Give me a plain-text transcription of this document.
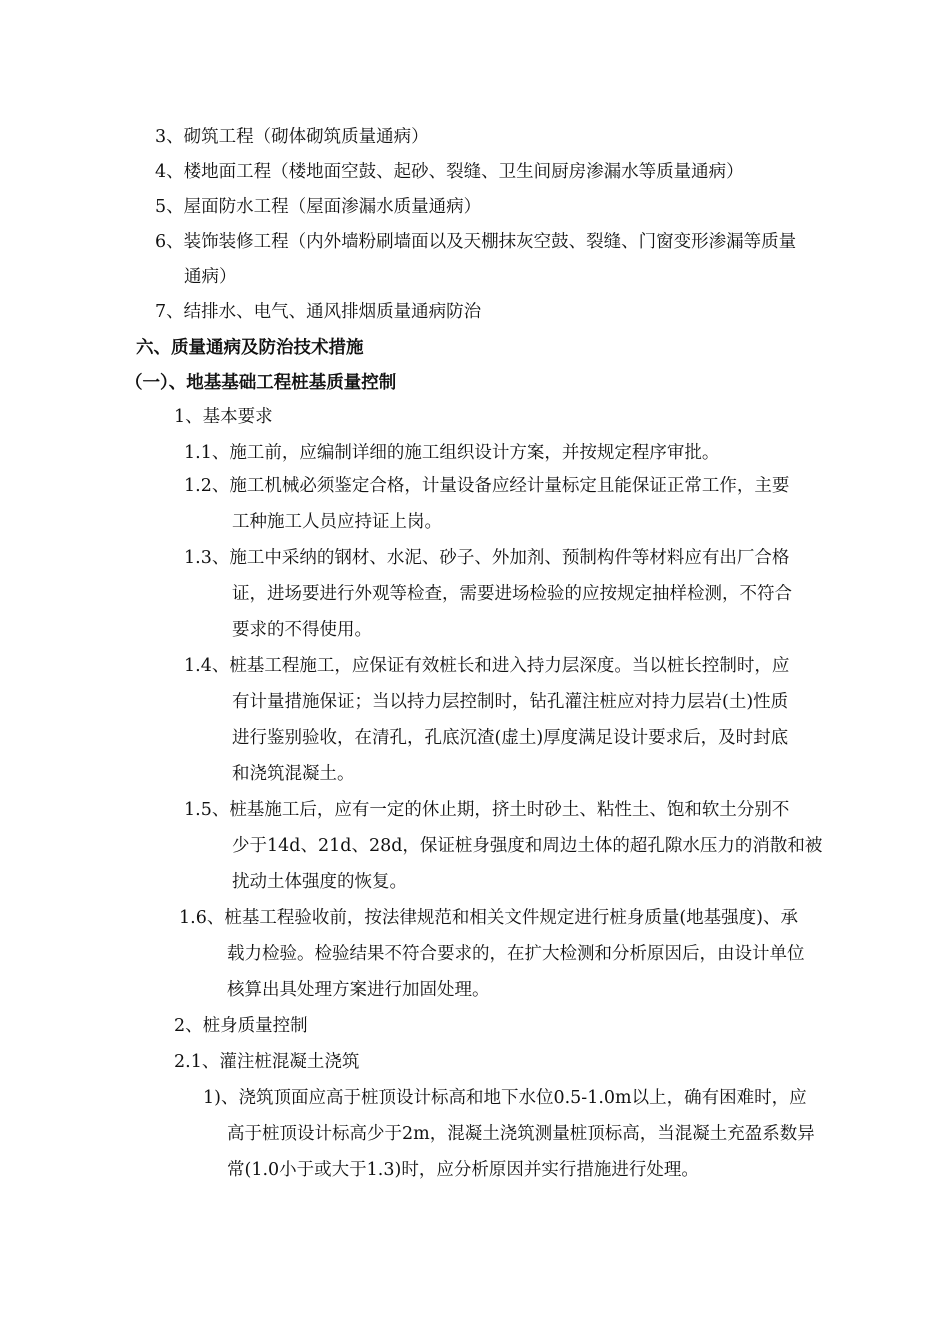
3、砌筑工程（砌体砌筑质量通病）
4、楼地面工程（楼地面空鼓、起砂、裂缝、卫生间厨房渗漏水等质量通病）
5、屋面防水工程（屋面渗漏水质量通病）
6、装饰装修工程（内外墙粉刷墙面以及天棚抹灰空鼓、裂缝、门窗变形渗漏等质量
通病）
7、结排水、电气、通风排烟质量通病防治
六、质量通病及防治技术措施
（一）、地基基础工程桩基质量控制
1、基本要求
1.1、施工前，应编制详细的施工组织设计方案，并按规定程序审批。
1.2、施工机械必须鉴定合格，计量设备应经计量标定且能保证正常工作，主要
工种施工人员应持证上岗。
1.3、施工中采纳的钢材、水泥、砂子、外加剂、预制构件等材料应有出厂合格
证，进场要进行外观等检查，需要进场检验的应按规定抽样检测，不符合
要求的不得使用。
1.4、桩基工程施工，应保证有效桩长和进入持力层深度。当以桩长控制时，应
有计量措施保证；当以持力层控制时，钻孔灌注桩应对持力层岩(土)性质
进行鉴别验收，在清孔，孔底沉渣(虚土)厚度满足设计要求后，及时封底
和浇筑混凝土。
1.5、桩基施工后，应有一定的休止期，挤土时砂土、粘性土、饱和软土分别不
少于14d、21d、28d，保证桩身强度和周边土体的超孔隙水压力的消散和被
扰动土体强度的恢复。
1.6、桩基工程验收前，按法律规范和相关文件规定进行桩身质量(地基强度)、承
载力检验。检验结果不符合要求的，在扩大检测和分析原因后，由设计单位
核算出具处理方案进行加固处理。
2、桩身质量控制
2.1、灌注桩混凝土浇筑
1)、浇筑顶面应高于桩顶设计标高和地下水位0.5-1.0m以上，确有困难时，应
高于桩顶设计标高少于2m，混凝土浇筑测量桩顶标高，当混凝土充盈系数异
常(1.0小于或大于1.3)时，应分析原因并实行措施进行处理。
